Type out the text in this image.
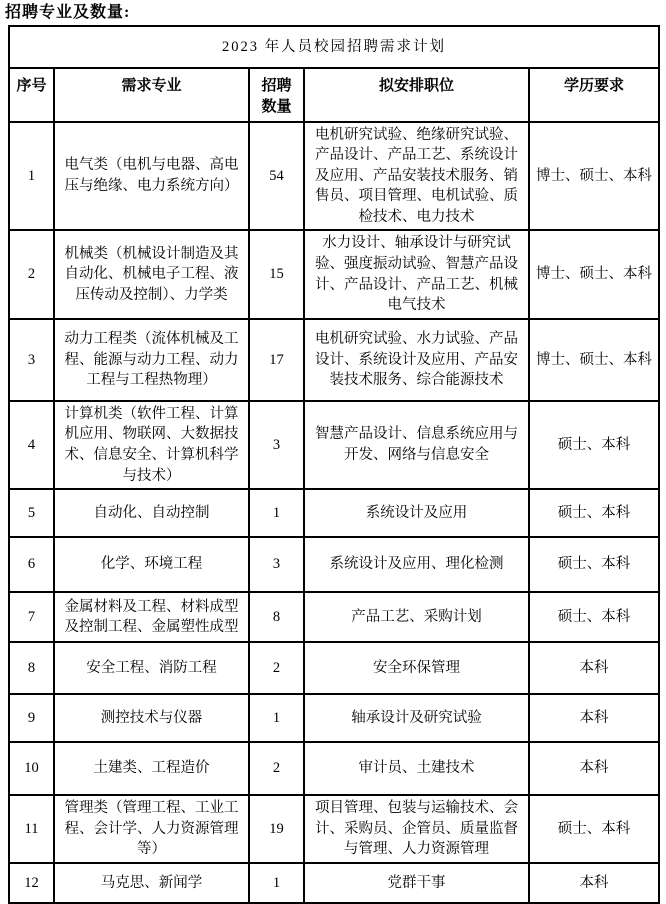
招聘专业及数量:
2023 年人员校园招聘需求计划				
序号	需求专业	招聘数量	拟安排职位	学历要求
1	电气类（电机与电器、高电压与绝缘、电力系统方向）	54	电机研究试验、绝缘研究试验、产品设计、产品工艺、系统设计及应用、产品安装技术服务、销售员、项目管理、电机试验、质检技术、电力技术	博士、硕士、本科
2	机械类（机械设计制造及其自动化、机械电子工程、液压传动及控制）、力学类	15	水力设计、轴承设计与研究试验、强度振动试验、智慧产品设计、产品设计、产品工艺、机械电气技术	博士、硕士、本科
3	动力工程类（流体机械及工程、能源与动力工程、动力工程与工程热物理）	17	电机研究试验、水力试验、产品设计、系统设计及应用、产品安装技术服务、综合能源技术	博士、硕士、本科
4	计算机类（软件工程、计算机应用、物联网、大数据技术、信息安全、计算机科学与技术）	3	智慧产品设计、信息系统应用与开发、网络与信息安全	硕士、本科
5	自动化、自动控制	1	系统设计及应用	硕士、本科
6	化学、环境工程	3	系统设计及应用、理化检测	硕士、本科
7	金属材料及工程、材料成型及控制工程、金属塑性成型	8	产品工艺、采购计划	硕士、本科
8	安全工程、消防工程	2	安全环保管理	本科
9	测控技术与仪器	1	轴承设计及研究试验	本科
10	土建类、工程造价	2	审计员、土建技术	本科
11	管理类（管理工程、工业工程、会计学、人力资源管理等）	19	项目管理、包装与运输技术、会计、采购员、企管员、质量监督与管理、人力资源管理	硕士、本科
12	马克思、新闻学	1	党群干事	本科
